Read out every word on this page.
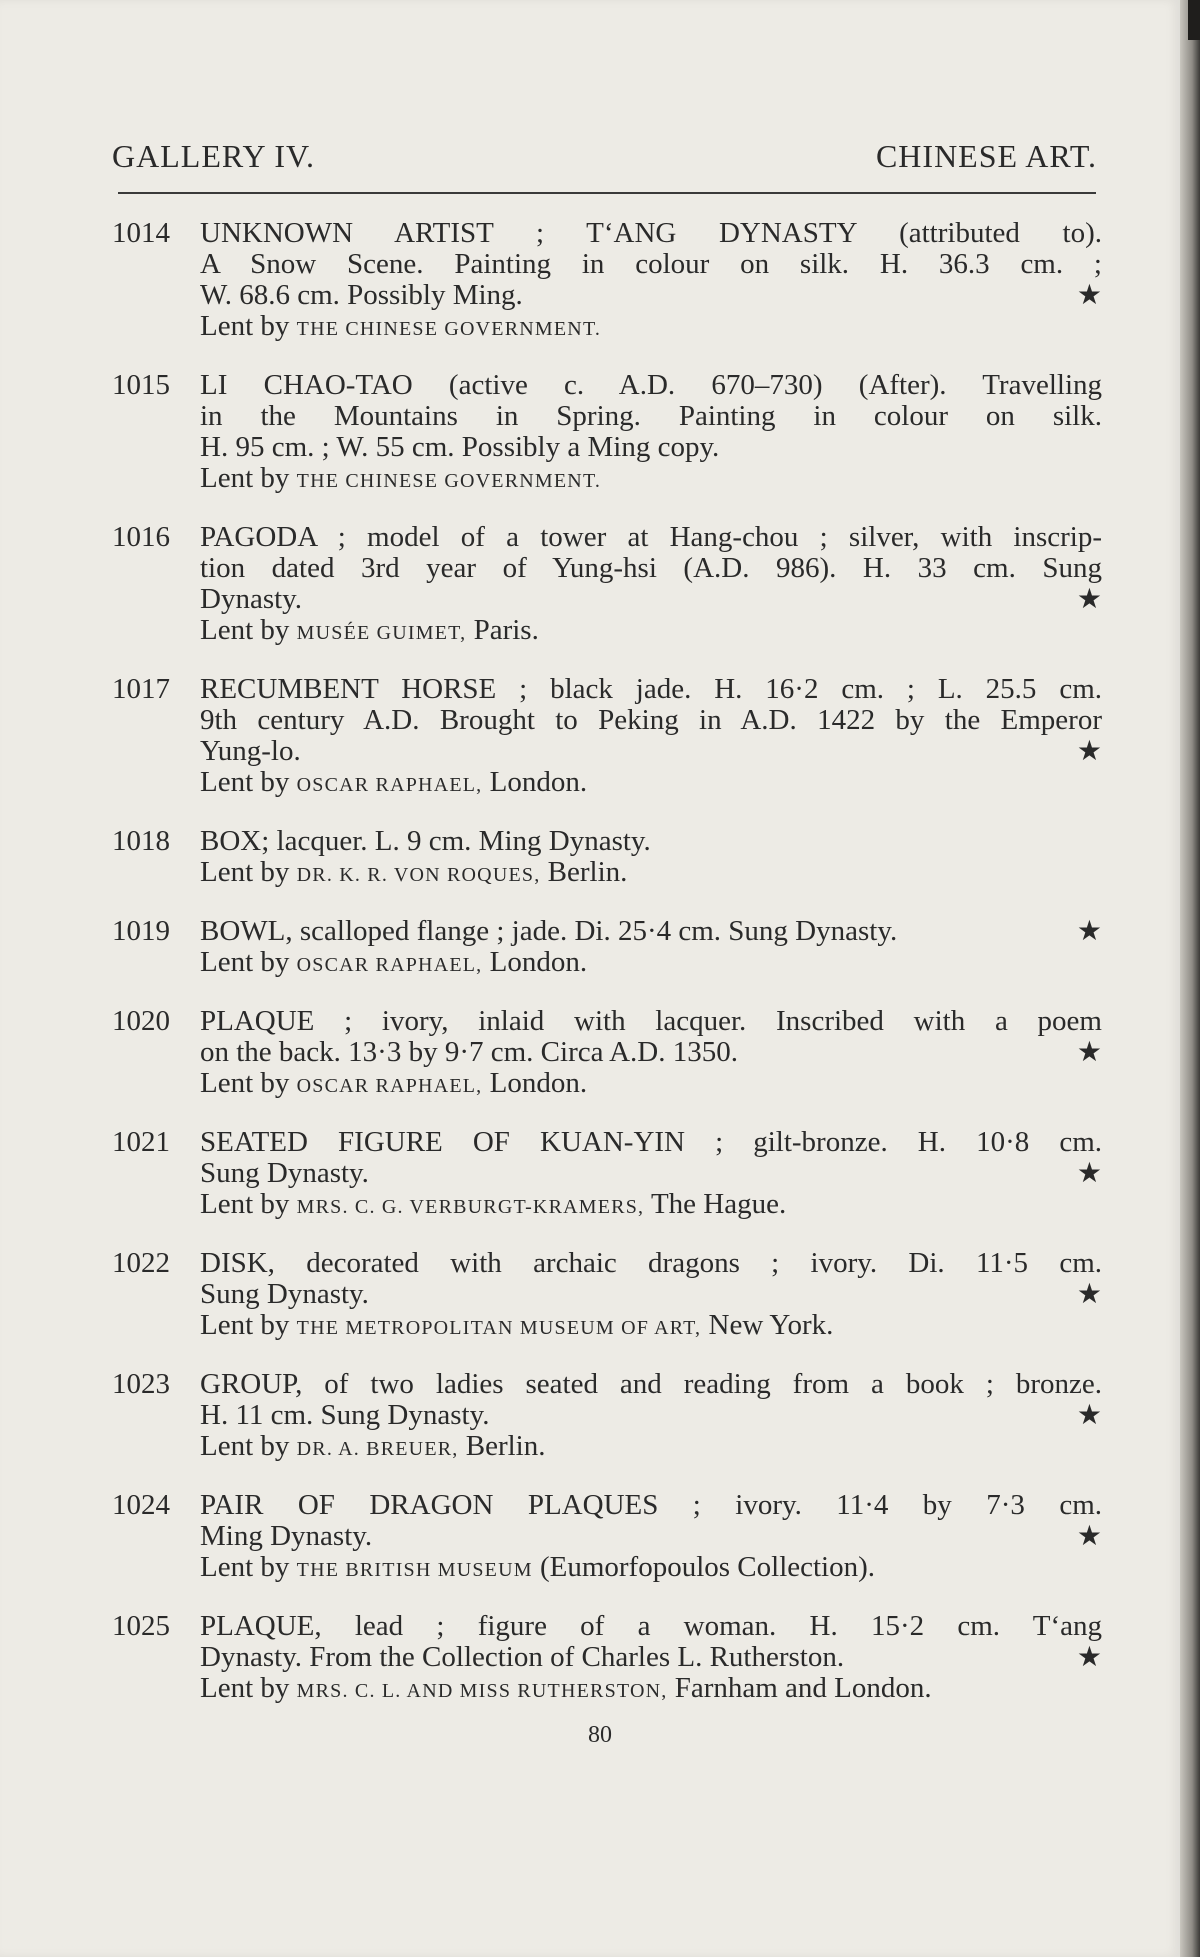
GALLERY IV.	CHINESE ART.
1014 UNKNOWN ARTIST ; T‘ANG DYNASTY (attributed to).
A Snow Scene. Painting in colour on silk. H. 36.3 cm. ;
W. 68.6 cm. Possibly Ming.
Lent by THE CHINESE GOVERNMENT.
★
1015 LI CHAO-TAO (active c. A.D. 670–730) (After). Travelling
in the Mountains in Spring. Painting in colour on silk.
H. 95 cm. ; W. 55 cm. Possibly a Ming copy.
Lent by THE CHINESE GOVERNMENT.
1016 PAGODA ; model of a tower at Hang-chou ; silver, with inscrip-
tion dated 3rd year of Yung-hsi (A.D. 986). H. 33 cm. Sung
Dynasty.
Lent by MUSÉE GUIMET, Paris.
★
1017 RECUMBENT HORSE ; black jade. H. 16·2 cm. ; L. 25.5 cm.
9th century A.D. Brought to Peking in A.D. 1422 by the Emperor
Yung-lo.
Lent by OSCAR RAPHAEL, London.
★
1018 BOX; lacquer. L. 9 cm. Ming Dynasty.
Lent by DR. K. R. VON ROQUES, Berlin.
1019 BOWL, scalloped flange ; jade. Di. 25·4 cm. Sung Dynasty.
Lent by OSCAR RAPHAEL, London.
★
1020 PLAQUE ; ivory, inlaid with lacquer. Inscribed with a poem
on the back. 13·3 by 9·7 cm. Circa A.D. 1350.
Lent by OSCAR RAPHAEL, London.
★
1021 SEATED FIGURE OF KUAN-YIN ; gilt-bronze. H. 10·8 cm.
Sung Dynasty.
Lent by MRS. C. G. VERBURGT-KRAMERS, The Hague.
★
1022 DISK, decorated with archaic dragons ; ivory. Di. 11·5 cm.
Sung Dynasty.
Lent by THE METROPOLITAN MUSEUM OF ART, New York.
★
1023 GROUP, of two ladies seated and reading from a book ; bronze.
H. 11 cm. Sung Dynasty.
Lent by DR. A. BREUER, Berlin.
★
1024 PAIR OF DRAGON PLAQUES ; ivory. 11·4 by 7·3 cm.
Ming Dynasty.
Lent by THE BRITISH MUSEUM (Eumorfopoulos Collection).
★
1025 PLAQUE, lead ; figure of a woman. H. 15·2 cm. T‘ang
Dynasty. From the Collection of Charles L. Rutherston.
Lent by MRS. C. L. AND MISS RUTHERSTON, Farnham and London.
★
80
